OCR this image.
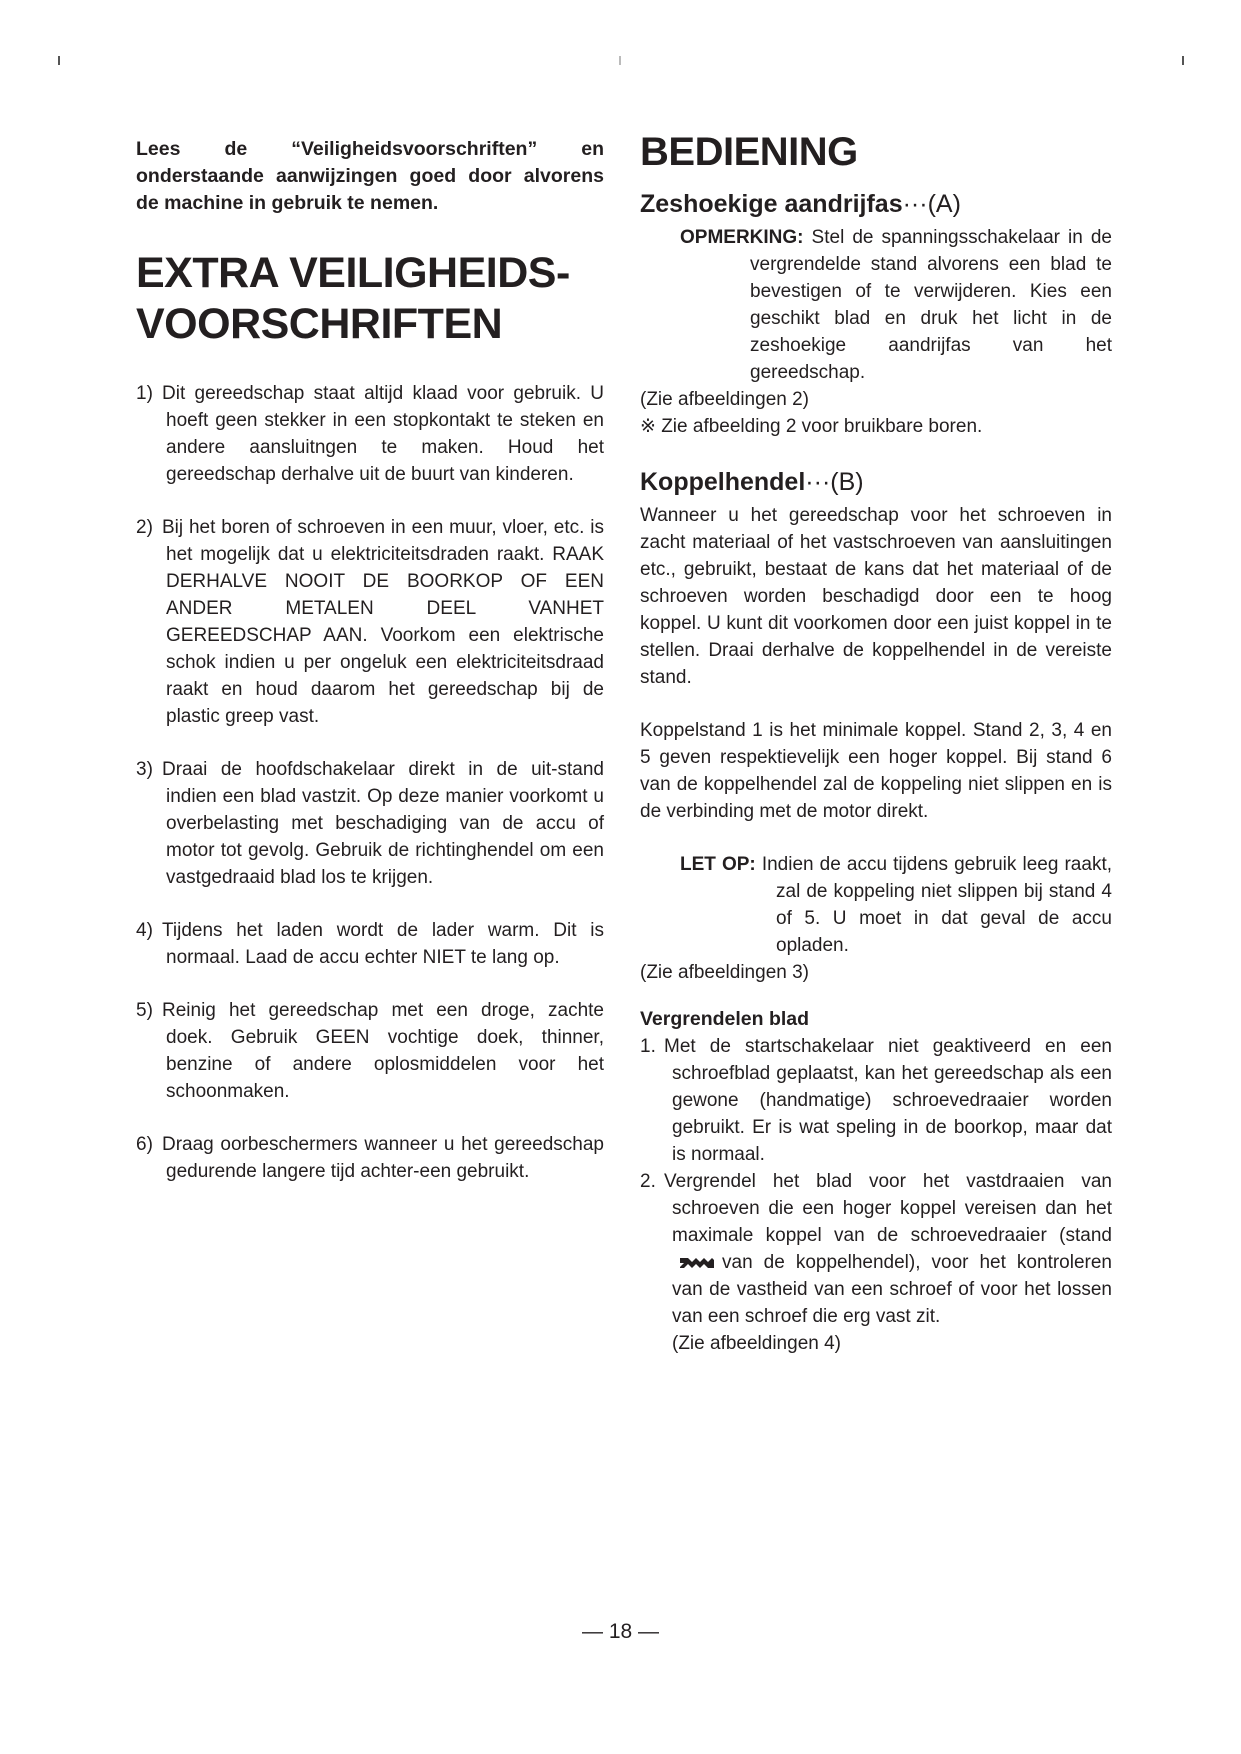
Lees de “Veiligheidsvoorschriften” en onderstaande aanwijzingen goed door alvorens de machine in gebruik te nemen.

EXTRA VEILIGHEIDS-
VOORSCHRIFTEN
1) Dit gereedschap staat altijd klaad voor gebruik. U hoeft geen stekker in een stopkontakt te steken en andere aansluitngen te maken. Houd het gereedschap derhalve uit de buurt van kinderen.
2) Bij het boren of schroeven in een muur, vloer, etc. is het mogelijk dat u elektriciteitsdraden raakt. RAAK DERHALVE NOOIT DE BOORKOP OF EEN ANDER METALEN DEEL VANHET GEREEDSCHAP AAN. Voorkom een elektrische schok indien u per ongeluk een elektriciteitsdraad raakt en houd daarom het gereedschap bij de plastic greep vast.
3) Draai de hoofdschakelaar direkt in de uit-stand indien een blad vastzit. Op deze manier voorkomt u overbelasting met beschadiging van de accu of motor tot gevolg. Gebruik de richtinghendel om een vastgedraaid blad los te krijgen.
4) Tijdens het laden wordt de lader warm. Dit is normaal. Laad de accu echter NIET te lang op.
5) Reinig het gereedschap met een droge, zachte doek. Gebruik GEEN vochtige doek, thinner, benzine of andere oplosmiddelen voor het schoonmaken.
6) Draag oorbeschermers wanneer u het gereedschap gedurende langere tijd achter-een gebruikt.
BEDIENING
Zeshoekige aandrijfas···(A)
OPMERKING: Stel de spanningsschakelaar in de vergrendelde stand alvorens een blad te bevestigen of te verwijderen. Kies een geschikt blad en druk het licht in de zeshoekige aandrijfas van het gereedschap.

(Zie afbeeldingen 2)

※ Zie afbeelding 2 voor bruikbare boren.

Koppelhendel···(B)

Wanneer u het gereedschap voor het schroeven in zacht materiaal of het vastschroeven van aansluitingen etc., gebruikt, bestaat de kans dat het materiaal of de schroeven worden beschadigd door een te hoog koppel. U kunt dit voorkomen door een juist koppel in te stellen. Draai derhalve de koppelhendel in de vereiste stand.

Koppelstand 1 is het minimale koppel. Stand 2, 3, 4 en 5 geven respektievelijk een hoger koppel. Bij stand 6 van de koppelhendel zal de koppeling niet slippen en is de verbinding met de motor direkt.

LET OP: Indien de accu tijdens gebruik leeg raakt, zal de koppeling niet slippen bij stand 4 of 5. U moet in dat geval de accu opladen.

(Zie afbeeldingen 3)

Vergrendelen blad
1. Met de startschakelaar niet geaktiveerd en een schroefblad geplaatst, kan het gereedschap als een gewone (handmatige) schroevedraaier worden gebruikt. Er is wat speling in de boorkop, maar dat is normaal.
2. Vergrendel het blad voor het vastdraaien van schroeven die een hoger koppel vereisen dan het maximale koppel van de schroevedraaier (standvan de koppelhendel), voor het kontroleren van de vastheid van een schroef of voor het lossen van een schroef die erg vast zit.

(Zie afbeeldingen 4)

— 18 —
